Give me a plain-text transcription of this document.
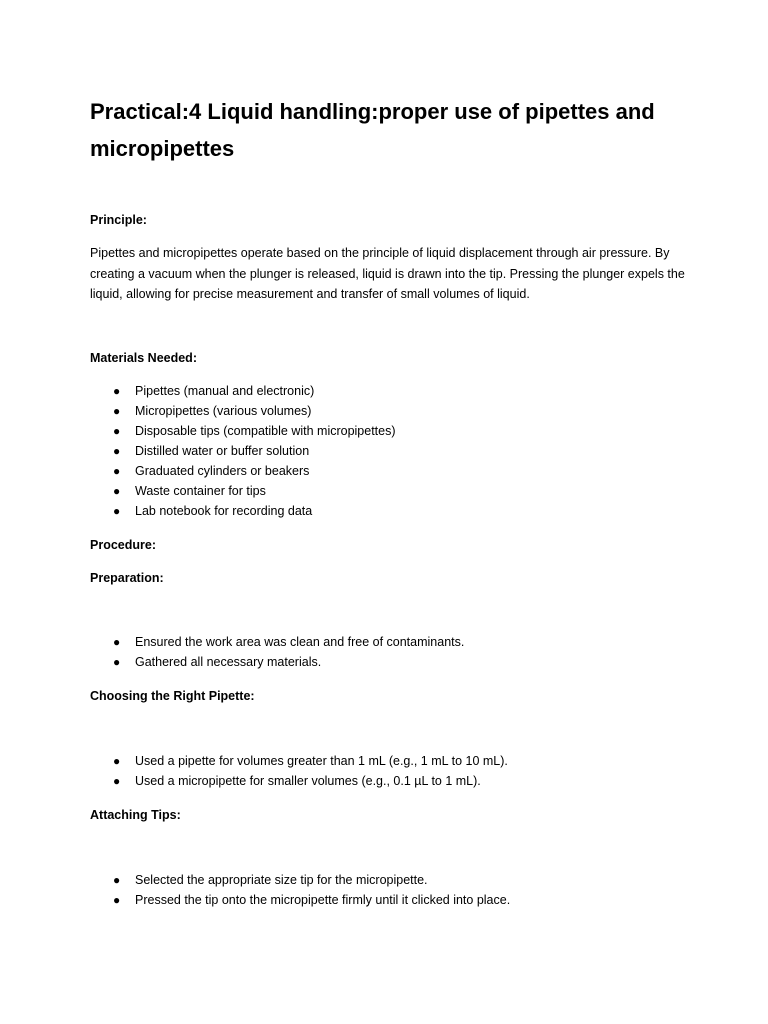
Practical:4 Liquid handling:proper use of pipettes and micropipettes
Principle:

Pipettes and micropipettes operate based on the principle of liquid displacement through air pressure. By creating a vacuum when the plunger is released, liquid is drawn into the tip. Pressing the plunger expels the liquid, allowing for precise measurement and transfer of small volumes of liquid.

Materials Needed:
● Pipettes (manual and electronic)
● Micropipettes (various volumes)
● Disposable tips (compatible with micropipettes)
● Distilled water or buffer solution
● Graduated cylinders or beakers
● Waste container for tips
● Lab notebook for recording data
Procedure:
Preparation:
● Ensured the work area was clean and free of contaminants.
● Gathered all necessary materials.
Choosing the Right Pipette:
● Used a pipette for volumes greater than 1 mL (e.g., 1 mL to 10 mL).
● Used a micropipette for smaller volumes (e.g., 0.1 µL to 1 mL).
Attaching Tips:
● Selected the appropriate size tip for the micropipette.
● Pressed the tip onto the micropipette firmly until it clicked into place.
